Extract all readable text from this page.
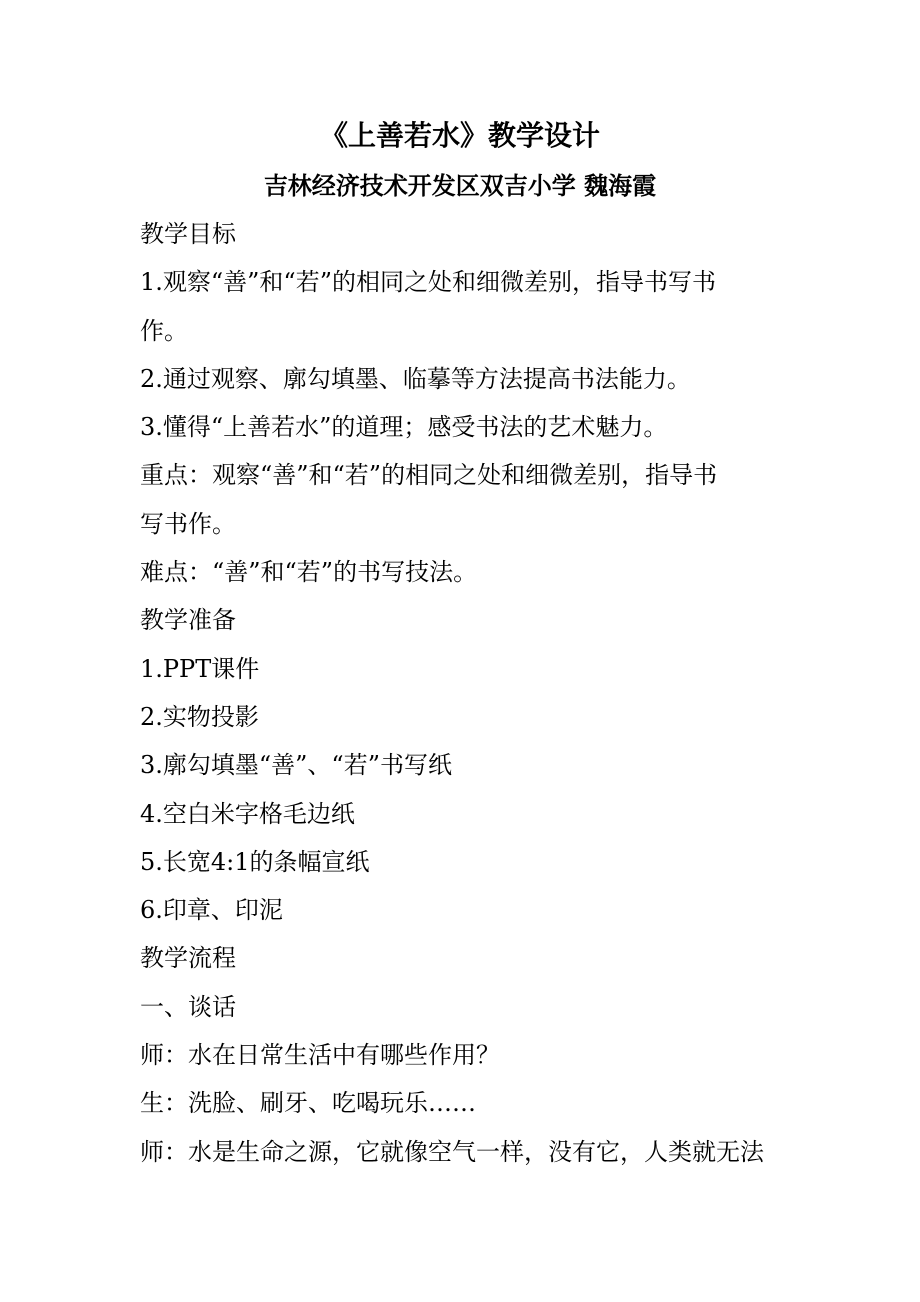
《上善若水》教学设计
吉林经济技术开发区双吉小学 魏海霞
教学目标
1.观察“善”和“若”的相同之处和细微差别，指导书写书
作。
2.通过观察、廓勾填墨、临摹等方法提高书法能力。
3.懂得“上善若水”的道理；感受书法的艺术魅力。
重点：观察“善”和“若”的相同之处和细微差别，指导书
写书作。
难点：“善”和“若”的书写技法。
教学准备
1.PPT课件
2.实物投影
3.廓勾填墨“善”、“若”书写纸
4.空白米字格毛边纸
5.长宽4:1的条幅宣纸
6.印章、印泥
教学流程
一、谈话
师：水在日常生活中有哪些作用？
生：洗脸、刷牙、吃喝玩乐……
师：水是生命之源，它就像空气一样，没有它，人类就无法
